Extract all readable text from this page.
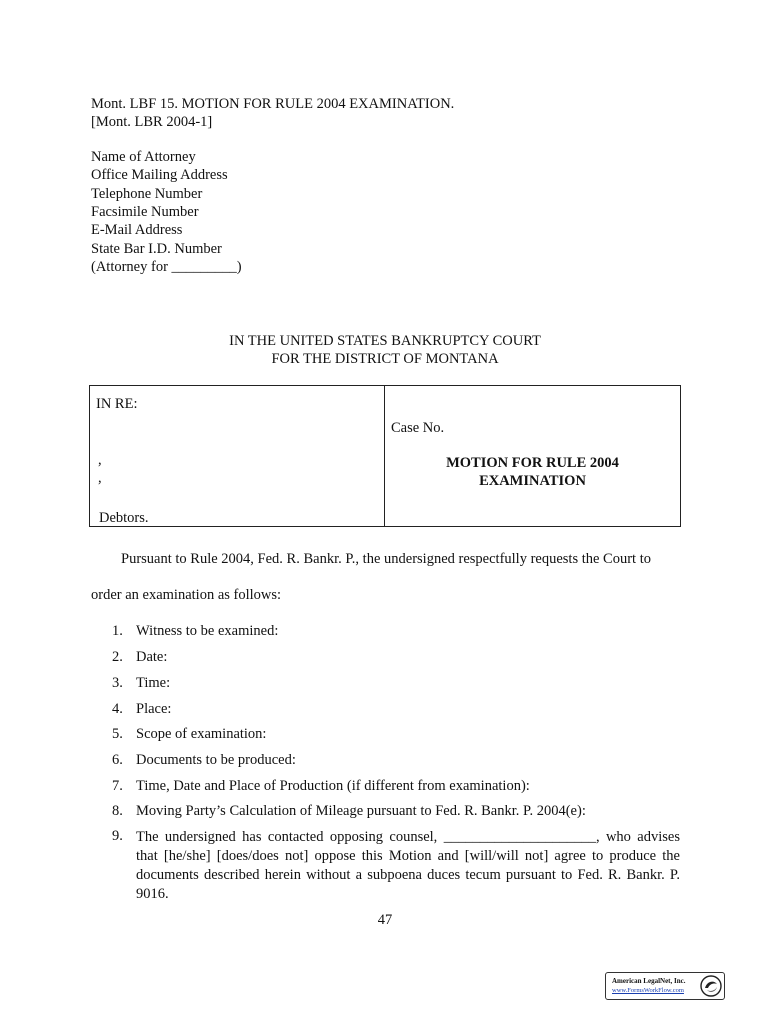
Mont. LBF 15. MOTION FOR RULE 2004 EXAMINATION.
[Mont. LBR 2004-1]
Name of Attorney
Office Mailing Address
Telephone Number
Facsimile Number
E-Mail Address
State Bar I.D. Number
(Attorney for _________)
IN THE UNITED STATES BANKRUPTCY COURT
FOR THE DISTRICT OF MONTANA
IN RE:
,
,
Debtors.
Case No.
MOTION FOR RULE 2004
EXAMINATION
Pursuant to Rule 2004, Fed. R. Bankr. P., the undersigned respectfully requests the Court to
order an examination as follows:
1. Witness to be examined:
2. Date:
3. Time:
4. Place:
5. Scope of examination:
6. Documents to be produced:
7. Time, Date and Place of Production (if different from examination):
8. Moving Party’s Calculation of Mileage pursuant to Fed. R. Bankr. P. 2004(e):
9. The undersigned has contacted opposing counsel, _____________________, who advises that [he/she] [does/does not] oppose this Motion and [will/will not] agree to produce the documents described herein without a subpoena duces tecum pursuant to Fed. R. Bankr. P. 9016.
47
American LegalNet, Inc.
www.FormsWorkFlow.com
